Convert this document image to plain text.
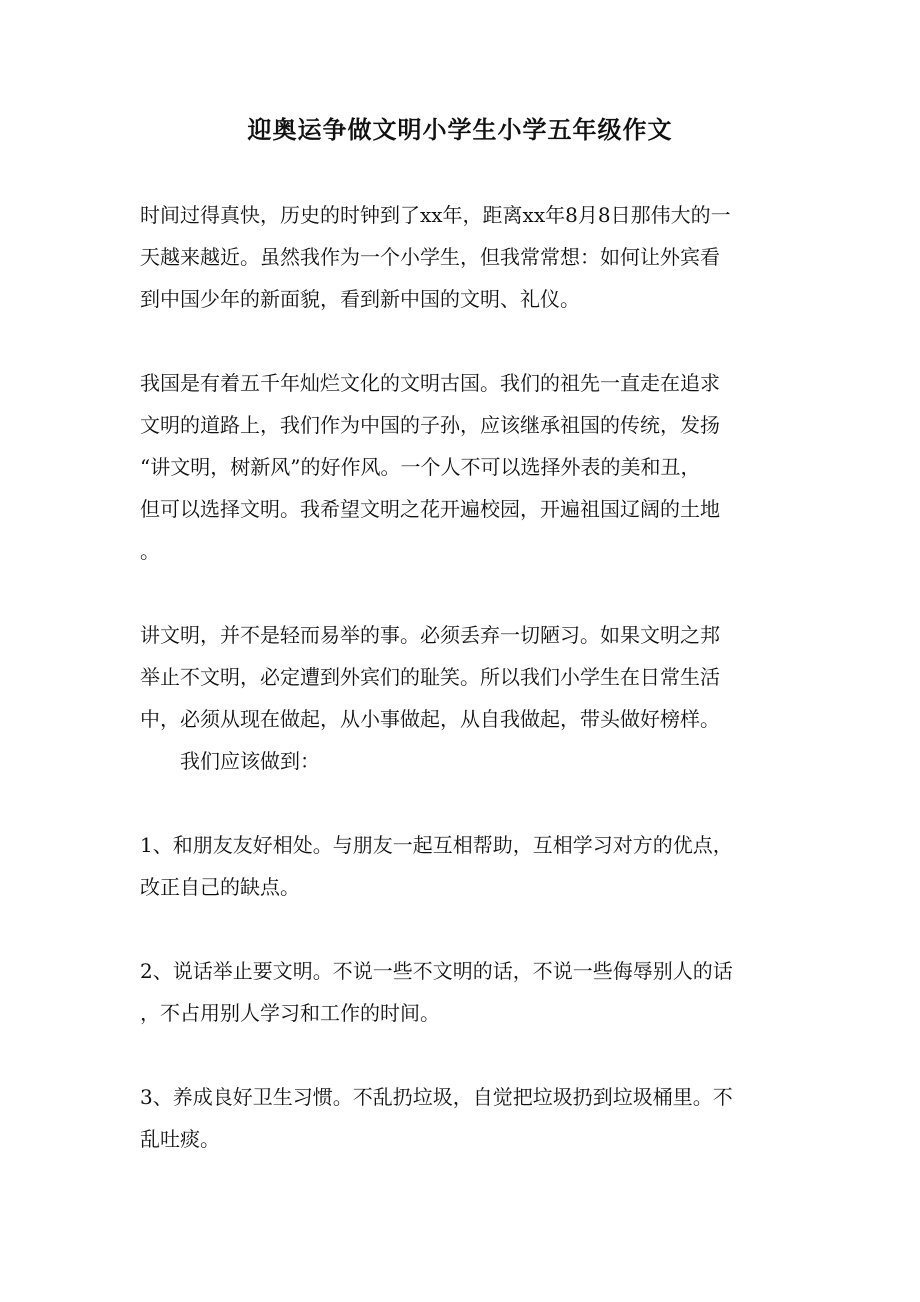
迎奥运争做文明小学生小学五年级作文
时间过得真快，历史的时钟到了xx年，距离xx年8月8日那伟大的一
天越来越近。虽然我作为一个小学生，但我常常想：如何让外宾看
到中国少年的新面貌，看到新中国的文明、礼仪。
我国是有着五千年灿烂文化的文明古国。我们的祖先一直走在追求
文明的道路上，我们作为中国的子孙，应该继承祖国的传统，发扬
“讲文明，树新风”的好作风。一个人不可以选择外表的美和丑，
但可以选择文明。我希望文明之花开遍校园，开遍祖国辽阔的土地
。
讲文明，并不是轻而易举的事。必须丢弃一切陋习。如果文明之邦
举止不文明，必定遭到外宾们的耻笑。所以我们小学生在日常生活
中，必须从现在做起，从小事做起，从自我做起，带头做好榜样。
我们应该做到：
1、和朋友友好相处。与朋友一起互相帮助，互相学习对方的优点，
改正自己的缺点。
2、说话举止要文明。不说一些不文明的话，不说一些侮辱别人的话
，不占用别人学习和工作的时间。
3、养成良好卫生习惯。不乱扔垃圾，自觉把垃圾扔到垃圾桶里。不
乱吐痰。
